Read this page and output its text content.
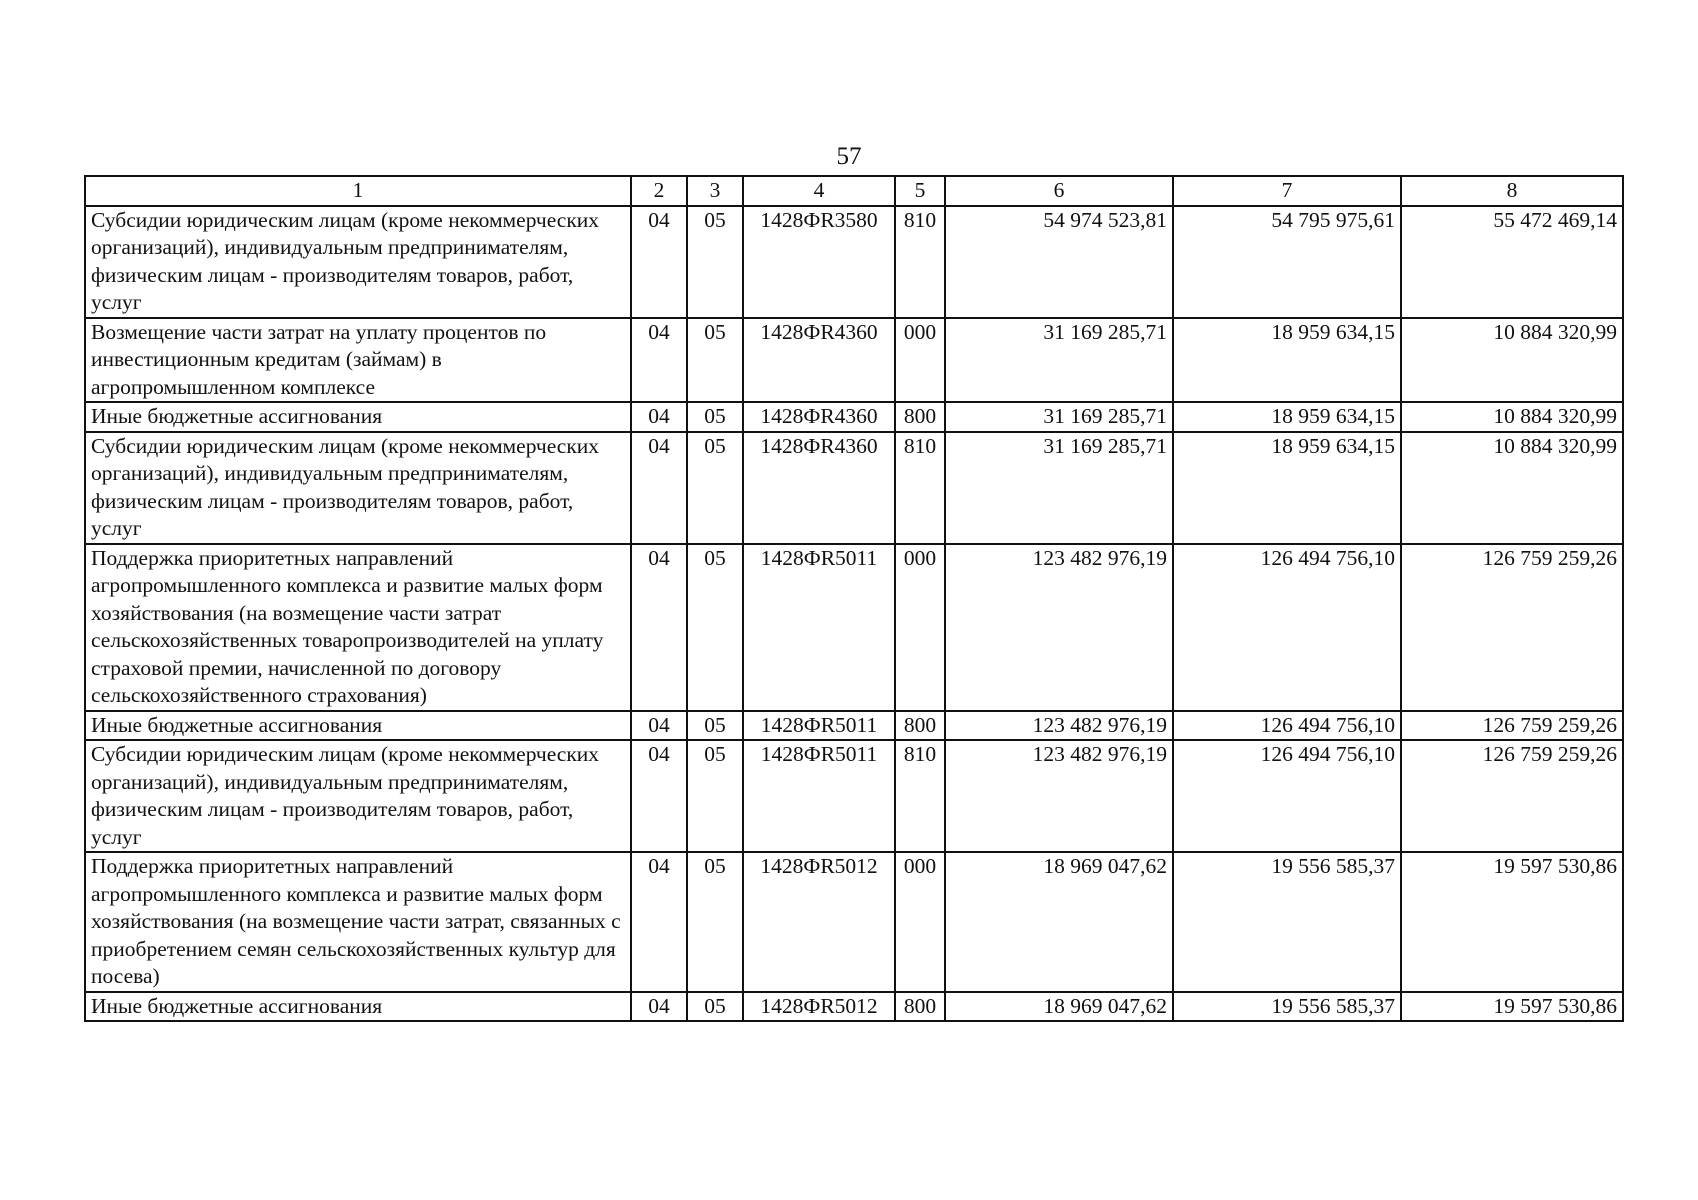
57
1	2	3	4	5	6	7	8
Субсидии юридическим лицам (кроме некоммерческих организаций), индивидуальным предпринимателям, физическим лицам - производителям товаров, работ, услуг	04	05	1428ФR3580	810	54 974 523,81	54 795 975,61	55 472 469,14
Возмещение части затрат на уплату процентов по инвестиционным кредитам (займам) в агропромышленном комплексе	04	05	1428ФR4360	000	31 169 285,71	18 959 634,15	10 884 320,99
Иные бюджетные ассигнования	04	05	1428ФR4360	800	31 169 285,71	18 959 634,15	10 884 320,99
Субсидии юридическим лицам (кроме некоммерческих организаций), индивидуальным предпринимателям, физическим лицам - производителям товаров, работ, услуг	04	05	1428ФR4360	810	31 169 285,71	18 959 634,15	10 884 320,99
Поддержка приоритетных направлений агропромышленного комплекса и развитие малых форм хозяйствования (на возмещение части затрат сельскохозяйственных товаропроизводителей на уплату страховой премии, начисленной по договору сельскохозяйственного страхования)	04	05	1428ФR5011	000	123 482 976,19	126 494 756,10	126 759 259,26
Иные бюджетные ассигнования	04	05	1428ФR5011	800	123 482 976,19	126 494 756,10	126 759 259,26
Субсидии юридическим лицам (кроме некоммерческих организаций), индивидуальным предпринимателям, физическим лицам - производителям товаров, работ, услуг	04	05	1428ФR5011	810	123 482 976,19	126 494 756,10	126 759 259,26
Поддержка приоритетных направлений агропромышленного комплекса и развитие малых форм хозяйствования (на возмещение части затрат, связанных с приобретением семян сельскохозяйственных культур для посева)	04	05	1428ФR5012	000	18 969 047,62	19 556 585,37	19 597 530,86
Иные бюджетные ассигнования	04	05	1428ФR5012	800	18 969 047,62	19 556 585,37	19 597 530,86
